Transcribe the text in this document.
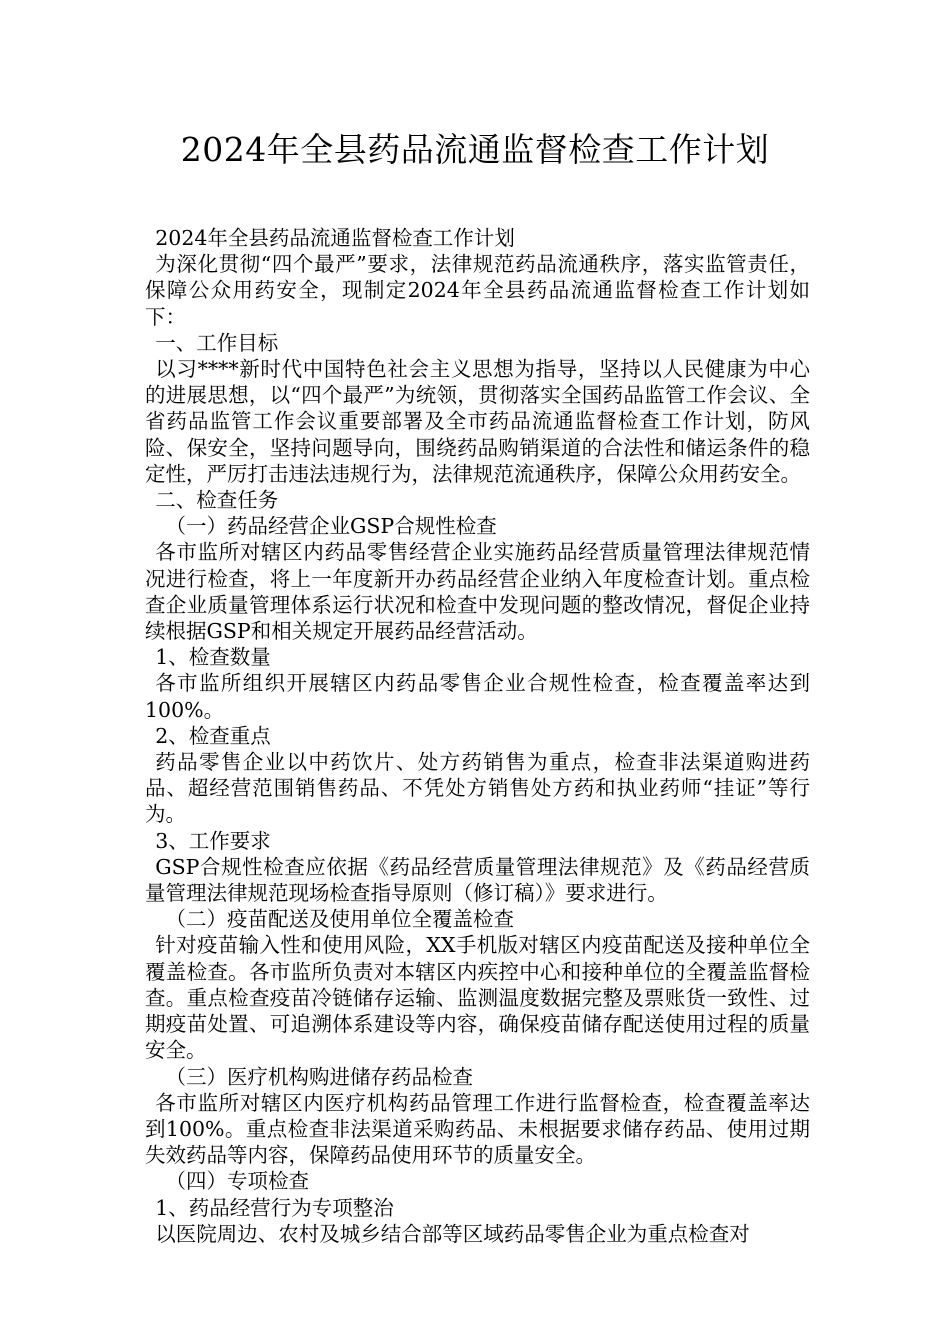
2024年全县药品流通监督检查工作计划

2024年全县药品流通监督检查工作计划

为深化贯彻“四个最严”要求，法律规范药品流通秩序，落实监管责任，保障公众用药安全，现制定2024年全县药品流通监督检查工作计划如下：

一、工作目标

以习****新时代中国特色社会主义思想为指导，坚持以人民健康为中心的进展思想，以“四个最严”为统领，贯彻落实全国药品监管工作会议、全省药品监管工作会议重要部署及全市药品流通监督检查工作计划，防风险、保安全，坚持问题导向，围绕药品购销渠道的合法性和储运条件的稳定性，严厉打击违法违规行为，法律规范流通秩序，保障公众用药安全。

二、检查任务

（一）药品经营企业GSP合规性检查

各市监所对辖区内药品零售经营企业实施药品经营质量管理法律规范情况进行检查，将上一年度新开办药品经营企业纳入年度检查计划。重点检查企业质量管理体系运行状况和检查中发现问题的整改情况，督促企业持续根据GSP和相关规定开展药品经营活动。

1、检查数量

各市监所组织开展辖区内药品零售企业合规性检查，检查覆盖率达到100%。

2、检查重点

药品零售企业以中药饮片、处方药销售为重点，检查非法渠道购进药品、超经营范围销售药品、不凭处方销售处方药和执业药师“挂证”等行为。

3、工作要求

GSP合规性检查应依据《药品经营质量管理法律规范》及《药品经营质量管理法律规范现场检查指导原则（修订稿）》要求进行。

（二）疫苗配送及使用单位全覆盖检查

针对疫苗输入性和使用风险，XX手机版对辖区内疫苗配送及接种单位全覆盖检查。各市监所负责对本辖区内疾控中心和接种单位的全覆盖监督检查。重点检查疫苗冷链储存运输、监测温度数据完整及票账货一致性、过期疫苗处置、可追溯体系建设等内容，确保疫苗储存配送使用过程的质量安全。

（三）医疗机构购进储存药品检查

各市监所对辖区内医疗机构药品管理工作进行监督检查，检查覆盖率达到100%。重点检查非法渠道采购药品、未根据要求储存药品、使用过期失效药品等内容，保障药品使用环节的质量安全。

（四）专项检查

1、药品经营行为专项整治

以医院周边、农村及城乡结合部等区域药品零售企业为重点检查对
